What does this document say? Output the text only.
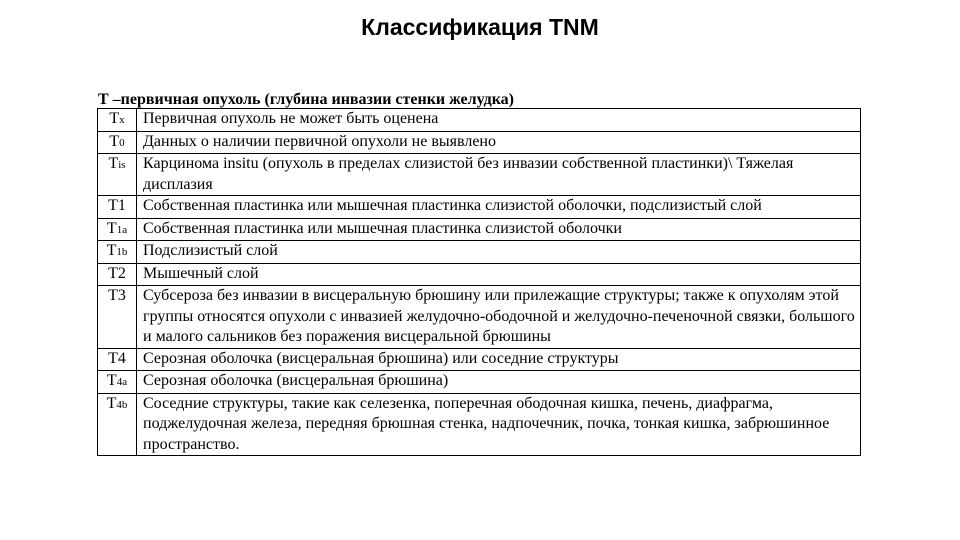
Классификация TNM
Т –первичная опухоль (глубина инвазии стенки желудка)
Tx	Первичная опухоль не может быть оценена
T0	Данных о наличии первичной опухоли не выявлено
Tis	Карцинома insitu (опухоль в пределах слизистой без инвазии собственной пластинки)\ Тяжелая дисплазия
T1	Собственная пластинка или мышечная пластинка слизистой оболочки, подслизистый слой
T1a	Собственная пластинка или мышечная пластинка слизистой оболочки
T1b	Подслизистый слой
T2	Мышечный слой
T3	Субсероза без инвазии в висцеральную брюшину или прилежащие структуры; также к опухолям этой группы относятся опухоли с инвазией желудочно-ободочной и желудочно-печеночной связки, большого и малого сальников без поражения висцеральной брюшины
T4	Серозная оболочка (висцеральная брюшина) или соседние структуры
T4a	Серозная оболочка (висцеральная брюшина)
T4b	Соседние структуры, такие как селезенка, поперечная ободочная кишка, печень, диафрагма, поджелудочная железа, передняя брюшная стенка, надпочечник, почка, тонкая кишка, забрюшинное пространство.
